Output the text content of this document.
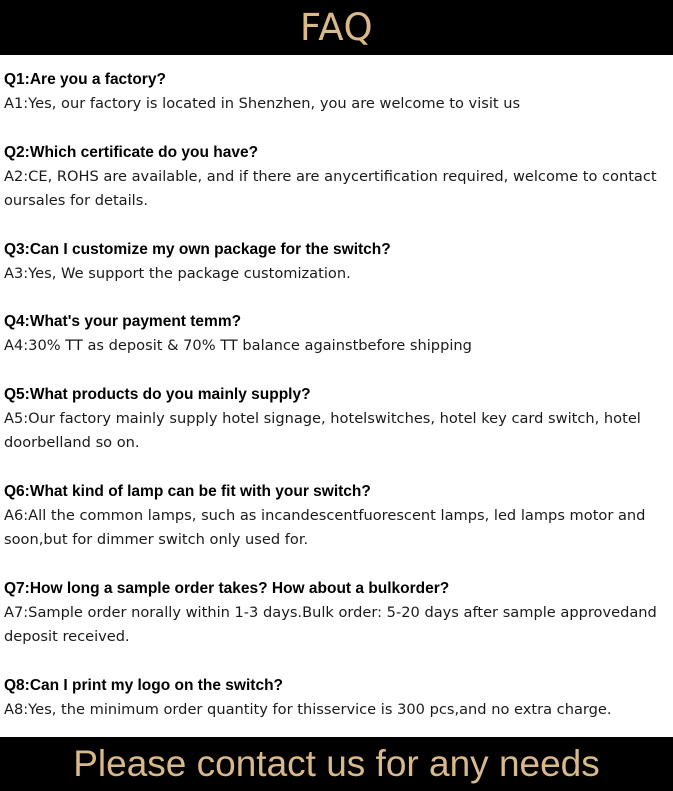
FAQ
Q1:Are you a factory?
A1:Yes, our factory is located in Shenzhen, you are welcome to visit us
Q2:Which certificate do you have?
A2:CE, ROHS are available, and if there are anycertification required, welcome to contact oursales for details.
Q3:Can I customize my own package for the switch?
A3:Yes, We support the package customization.
Q4:What's your payment temm?
A4:30% TT as deposit & 70% TT balance againstbefore shipping
Q5:What products do you mainly supply?
A5:Our factory mainly supply hotel signage, hotelswitches, hotel key card switch, hotel doorbelland so on.
Q6:What kind of lamp can be fit with your switch?
A6:All the common lamps, such as incandescentfuorescent lamps, led lamps motor and soon,but for dimmer switch only used for.
Q7:How long a sample order takes? How about a bulkorder?
A7:Sample order norally within 1-3 days.Bulk order: 5-20 days after sample approvedand deposit received.
Q8:Can I print my logo on the switch?
A8:Yes, the minimum order quantity for thisservice is 300 pcs,and no extra charge.
Please contact us for any needs
